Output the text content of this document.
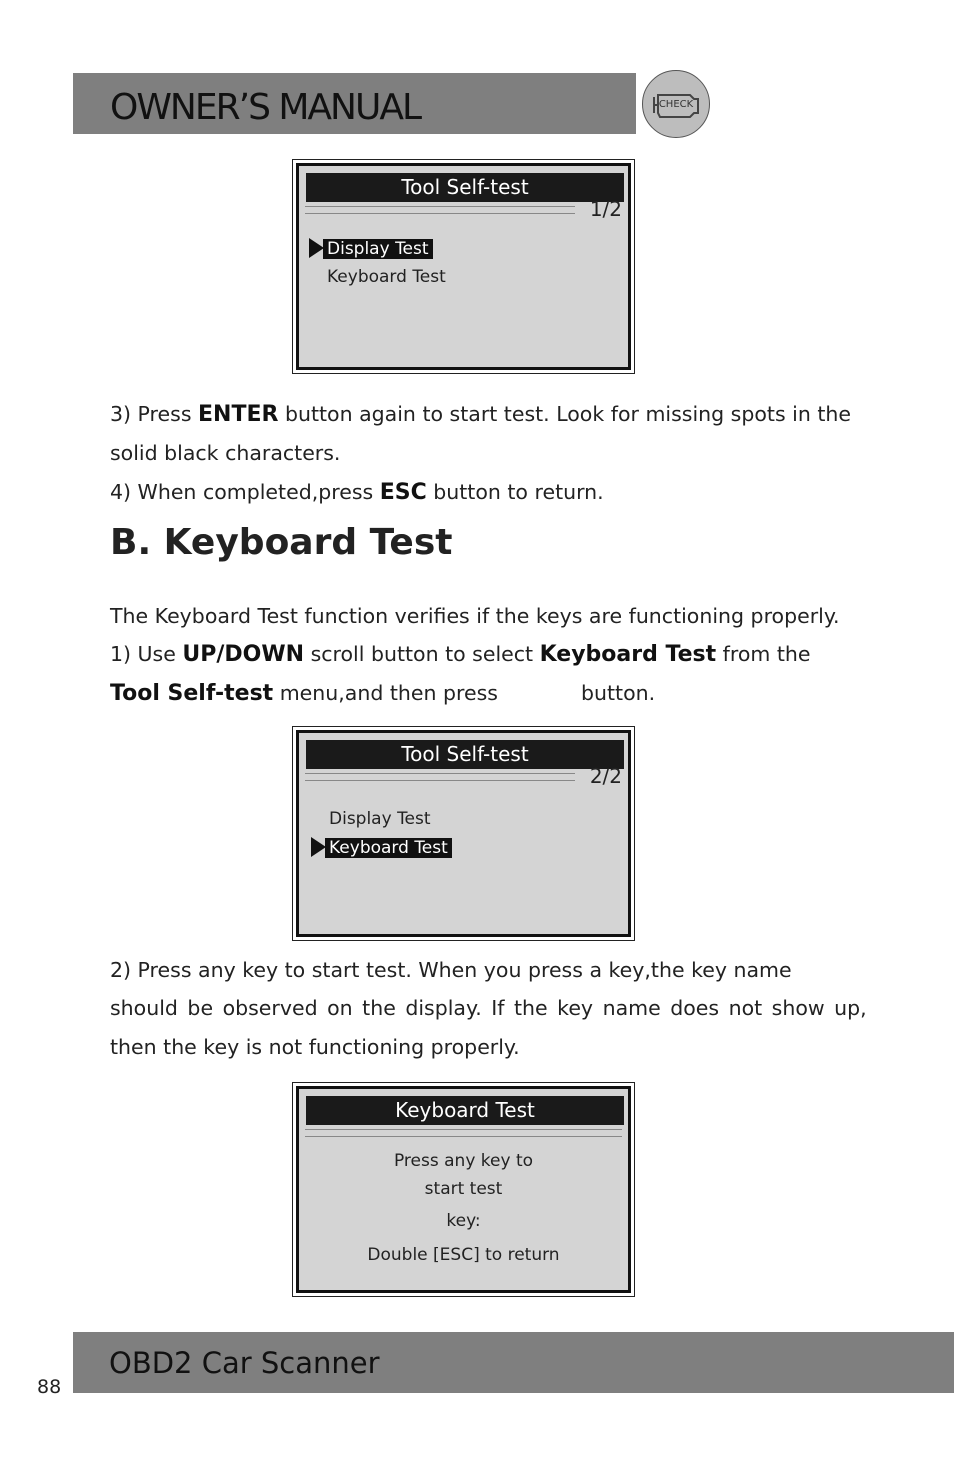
OWNER’S MANUAL	CHECK
Tool Self-test
1/2
Display Test
Keyboard Test
3) Press ENTER button again to start test. Look for missing spots in the
solid black characters.
4) When completed,press ESC button to return.
B. Keyboard Test
The Keyboard Test function verifies if the keys are functioning properly.
1) Use UP/DOWN scroll button to select Keyboard Test from the
Tool Self-test menu,and then press	button.
Tool Self-test
2/2
Display Test
Keyboard Test
2) Press any key to start test. When you press a key,the key name
should be observed on the display. If the key name does not show up,
then the key is not functioning properly.
Keyboard Test
Press any key to
start test
key:
Double [ESC] to return
OBD2 Car Scanner
88
